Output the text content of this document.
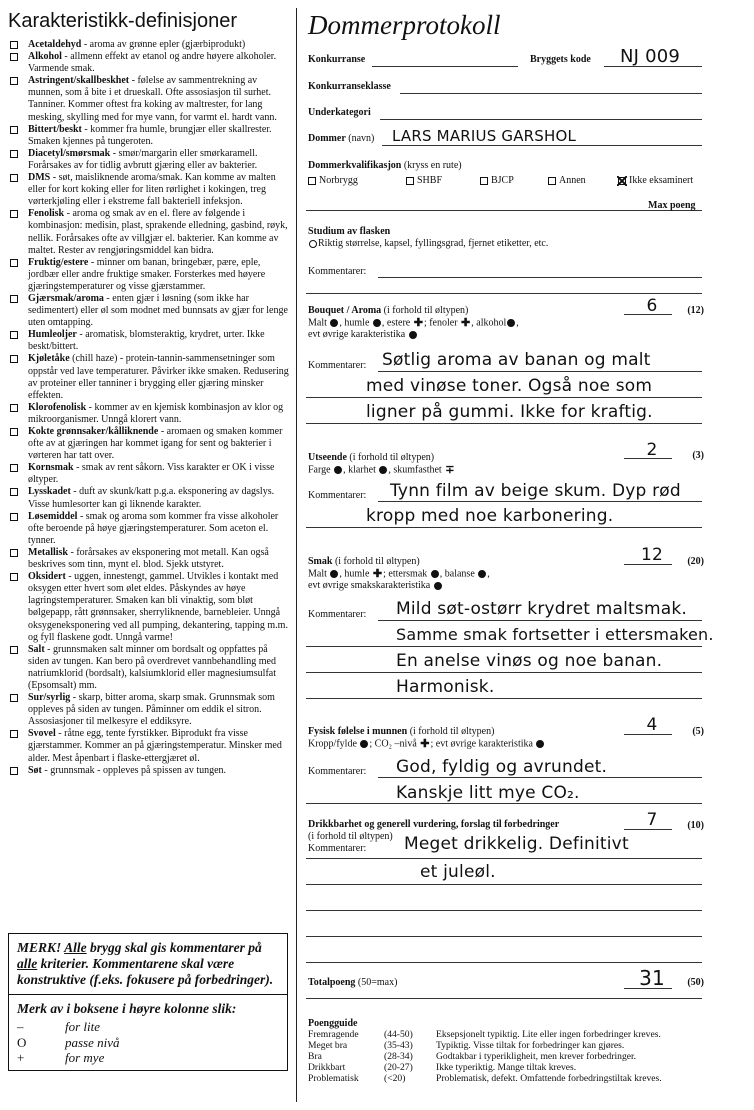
Karakteristikk-definisjoner
Acetaldehyd - aroma av grønne epler (gjærbiprodukt)
Alkohol - allmenn effekt av etanol og andre høyere alkoholer. Varmende smak.
Astringent/skallbeskhet - følelse av sammentrekning av munnen, som å bite i et drueskall. Ofte assosiasjon til surhet. Tanniner. Kommer oftest fra koking av maltrester, for lang mesking, skylling med for mye vann, for varmt el. hardt vann.
Bittert/beskt - kommer fra humle, brungjær eller skallrester. Smaken kjennes på tungeroten.
Diacetyl/smørsmak - smør/margarin eller smørkaramell. Forårsakes av for tidlig avbrutt gjæring eller av bakterier.
DMS - søt, maisliknende aroma/smak. Kan komme av malten eller for kort koking eller for liten rørlighet i kokingen, treg vørterkjøling eller i ekstreme fall bakteriell infeksjon.
Fenolisk - aroma og smak av en el. flere av følgende i kombinasjon: medisin, plast, sprakende elledning, gasbind, røyk, nellik. Forårsakes ofte av villgjær el. bakterier. Kan komme av maltet. Rester av rengjøringsmiddel kan bidra.
Fruktig/estere - minner om banan, bringebær, pære, eple, jordbær eller andre fruktige smaker. Forsterkes med høyere gjæringstemperaturer og visse gjærstammer.
Gjærsmak/aroma - enten gjær i løsning (som ikke har sedimentert) eller øl som modnet med bunnsats av gjær for lenge uten omtapping.
Humleoljer - aromatisk, blomsteraktig, krydret, urter. Ikke beskt/bittert.
Kjøletåke (chill haze) - protein-tannin-sammensetninger som oppstår ved lave temperaturer. Påvirker ikke smaken. Redusering av proteiner eller tanniner i brygging eller gjæring minsker effekten.
Klorofenolisk - kommer av en kjemisk kombinasjon av klor og mikroorganismer. Unngå klorert vann.
Kokte grønnsaker/kålliknende - aromaen og smaken kommer ofte av at gjæringen har kommet igang for sent og bakterier i vørteren har tatt over.
Kornsmak - smak av rent såkorn. Viss karakter er OK i visse øltyper.
Lysskadet - duft av skunk/katt p.g.a. eksponering av dagslys. Visse humlesorter kan gi liknende karakter.
Løsemiddel - smak og aroma som kommer fra visse alkoholer ofte beroende på høye gjæringstemperaturer. Som aceton el. tynner.
Metallisk - forårsakes av eksponering mot metall. Kan også beskrives som tinn, mynt el. blod. Sjekk utstyret.
Oksidert - uggen, innestengt, gammel. Utvikles i kontakt med oksygen etter hvert som ølet eldes. Påskyndes av høye lagringstemperaturer. Smaken kan bli vinaktig, som bløt bølgepapp, rått grønnsaker, sherryliknende, barnebleier. Unngå oksygeneksponering ved all pumping, dekantering, tapping m.m. og fyll flaskene godt. Unngå varme!
Salt - grunnsmaken salt minner om bordsalt og oppfattes på siden av tungen. Kan bero på overdrevet vannbehandling med natriumklorid (bordsalt), kalsiumklorid eller magnesiumsulfat (Epsomsalt) mm.
Sur/syrlig - skarp, bitter aroma, skarp smak. Grunnsmak som oppleves på siden av tungen. Påminner om eddik el sitron. Assosiasjoner til melkesyre el eddiksyre.
Svovel - råtne egg, tente fyrstikker. Biprodukt fra visse gjærstammer. Kommer an på gjæringstemperatur. Minsker med alder. Mest åpenbart i flaske-ettergjæret øl.
Søt - grunnsmak - oppleves på spissen av tungen.
MERK! Alle brygg skal gis kommentarer på alle kriterier. Kommentarene skal være konstruktive (f.eks. fokusere på forbedringer).
Merk av i boksene i høyre kolonne slik:
–	for lite
O	passe nivå
+	for mye
Dommerprotokoll
Konkurranse	Bryggets kode NJ 009
Konkurranseklasse
Underkategori
Dommer (navn) LARS MARIUS GARSHOL
Dommerkvalifikasjon (kryss en rute)
Norbrygg	SHBF	BJCP	Annen	Ikke eksaminert
Max poeng
Studium av flasken
Riktig størrelse, kapsel, fyllingsgrad, fjernet etiketter, etc.
Kommentarer:
Bouquet / Aroma (i forhold til øltypen)
Malt , humle , estere ✚; fenoler ✚, alkohol ,
evt øvrige karakteristika
6	(12)
Kommentarer: Søtlig aroma av banan og malt
med vinøse toner. Også noe som
ligner på gummi. Ikke for kraftig.
Utseende (i forhold til øltypen)
Farge , klarhet , skumfasthet ∓
2	(3)
Kommentarer: Tynn film av beige skum. Dyp rød
kropp med noe karbonering.
Smak (i forhold til øltypen)
Malt , humle ✚; ettersmak , balanse ,
evt øvrige smakskarakteristika
12	(20)
Kommentarer: Mild søt-ostørr krydret maltsmak.
Samme smak fortsetter i ettersmaken.
En anelse vinøs og noe banan.
Harmonisk.
Fysisk følelse i munnen (i forhold til øltypen)
Kropp/fylde ; CO₂ –nivå ✚; evt øvrige karakteristika
4	(5)
Kommentarer: God, fyldig og avrundet.
Kanskje litt mye CO₂.
Drikkbarhet og generell vurdering, forslag til forbedringer
(i forhold til øltypen)
Kommentarer:
7	(10)
Meget drikkelig. Definitivt
et juleøl.
Totalpoeng (50=max)	31	(50)
Poengguide
Fremragende	(44-50)	Eksepsjonelt typiktig. Lite eller ingen forbedringer kreves.
Meget bra	(35-43)	Typiktig. Visse tiltak for forbedringer kan gjøres.
Bra	(28-34)	Godtakbar i typerikligheit, men krever forbedringer.
Drikkbart	(20-27)	Ikke typeriktig. Mange tiltak kreves.
Problematisk	(<20)	Problematisk, defekt. Omfattende forbedringstiltak kreves.
